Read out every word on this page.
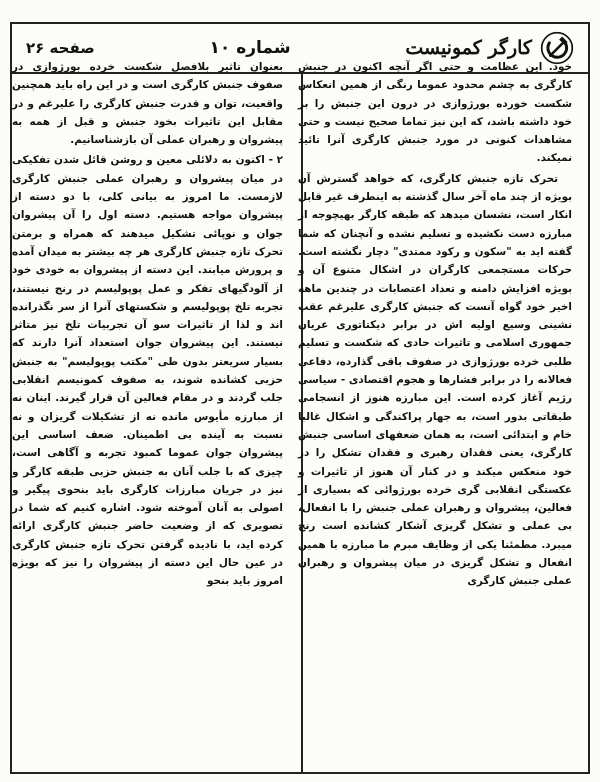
صفحه ۲۶	شماره ۱۰	کارگر کمونیست

خود. این عظامت و حتی اگر آنچه اکنون در جنبش کارگری به چشم محدود عموما رنگی از همین انعکاس شکست خورده بورژوازی در درون این جنبش را بر خود داشته باشد، که این نیز تماما صحیح نیست و حتی مشاهدات کنونی در مورد جنبش کارگری آنرا تائید نمیکند.

تحرک تازه جنبش کارگری، که خواهد گسترش آن بویژه از چند ماه آخر سال گذشته به اینطرف غیر قابل انکار است، نشسان میدهد که طبقه کارگر بهیچوجه از مبارزه دست نکشیده و تسلیم نشده و آنچنان که شما گفته اید به "سکون و رکود ممتدی" دچار نگشته است. حرکات مستجمعی کارگران در اشکال متنوع آن و بویژه افزایش دامنه و تعداد اعتصابات در چندین ماهه اخیر خود گواه آنست که جنبش کارگری علیرغم عقب نشینی وسیع اولیه اش در برابر دیکتاتوری عریان جمهوری اسلامی و تاثیرات حادی که شکست و تسلیم طلبی خرده بورژوازی در صفوف باقی گذارده، دفاعی فعالانه را در برابر فشارها و هجوم اقتصادی - سیاسی رژیم آغاز کرده است. این مبارزه هنوز از انسجامی طبقاتی بدور است، به جهار پراکندگی و اشکال غالبا خام و ابتدائی است، به همان ضعفهای اساسی جنبش کارگری، یعنی فقدان رهبری و فقدان تشکل را در خود منعکس میکند و در کنار آن هنوز از تاثیرات و عکستگی انقلابی گری خرده بورژوائی که بسیاری از فعالین، پیشروان و رهبران عملی جنبش را با انفعال، بی عملی و تشکل گریزی آشکار کشانده است رنج میبرد. مطمئنا یکی از وظایف مبرم ما مبارزه با همین انفعال و تشکل گریزی در میان پیشروان و رهبران عملی جنبش کارگری

بعنوان تاثیر بلافصل شکست خرده بورژوازی در صفوف جنبش کارگری است و در این راه باید همچنین واقعیت، توان و قدرت جنبش کارگری را علیرغم و در مقابل این تاثیرات بخود جنبش و قبل از همه به پیشروان و رهبران عملی آن بازشناسانیم.

۲ - اکنون به دلائلی معین و روشن قائل شدن تفکیکی در میان پیشروان و رهبران عملی جنبش کارگری لازمست. ما امروز به بیانی کلی، با دو دسته از پیشروان مواجه هستیم. دسته اول را آن پیشروان جوان و نوپائی تشکیل میدهند که همراه و برمتن تحرک تازه جنبش کارگری هر چه بیشتر به میدان آمده و پرورش میابند. این دسته از پیشروان به خودی خود از آلودگیهای تفکر و عمل پوپولیسم در رنج نیستند، تجربه تلخ پوپولیسم و شکستهای آنرا از سر نگذرانده اند و لذا از تاثیرات سو آن تجربیات تلخ نیز متاثر نیستند. این پیشروان جوان استعداد آنرا دارند که بسیار سریعتر بدون طی "مکتب پوپولیسم" به جنبش حزبی کشانده شوند، به صفوف کمونیسم انقلابی جلب گردند و در مقام فعالین آن قرار گیرند. اینان نه از مبارزه مأیوس مانده نه از تشکیلات گریزان و نه نسبت به آینده بی اطمینان. ضعف اساسی این پیشروان جوان عموما کمبود تجربه و آگاهی است، چیزی که با جلب آنان به جنبش حزبی طبقه کارگر و نیز در جریان مبارزات کارگری باید بنحوی پیگیر و اصولی به آنان آموخته شود. اشاره کنیم که شما در تصویری که از وضعیت حاضر جنبش کارگری ارائه کرده اید، با نادیده گرفتن تحرک تازه جنبش کارگری در عین حال این دسته از پیشروان را نیز که بویژه امروز باید بنحو
